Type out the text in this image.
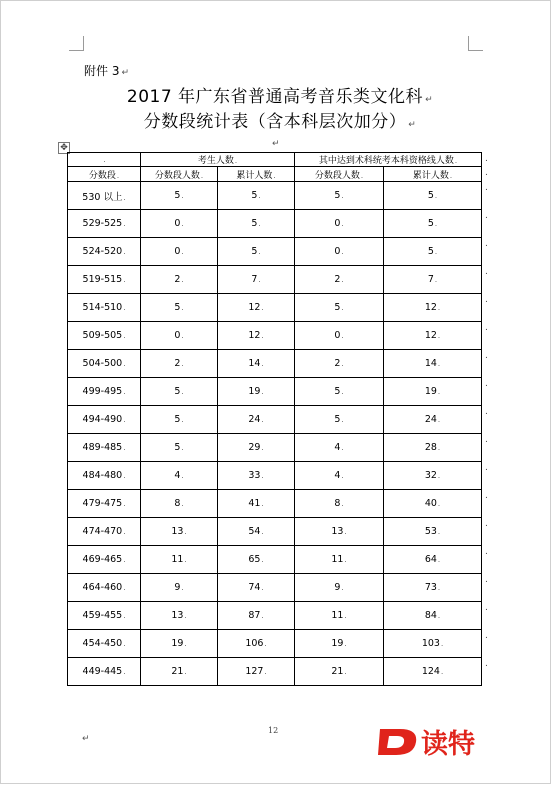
附件 3 ↵
2017 年广东省普通高考音乐类文化科 ↵
分数段统计表（含本科层次加分） ↵
↵
✥
.	考生人数.		其中达到术科统考本科资格线人数.	
分数段.	分数段人数.	累计人数.	分数段人数.	累计人数.
530 以上.	5.	5.	5.	5.
529-525.	0.	5.	0.	5.
524-520.	0.	5.	0.	5.
519-515.	2.	7.	2.	7.
514-510.	5.	12.	5.	12.
509-505.	0.	12.	0.	12.
504-500.	2.	14.	2.	14.
499-495.	5.	19.	5.	19.
494-490.	5.	24.	5.	24.
489-485.	5.	29.	4.	28.
484-480.	4.	33.	4.	32.
479-475.	8.	41.	8.	40.
474-470.	13.	54.	13.	53.
469-465.	11.	65.	11.	64.
464-460.	9.	74.	9.	73.
459-455.	13.	87.	11.	84.
454-450.	19.	106.	19.	103.
449-445.	21.	127.	21.	124.
.
.
.
.
.
.
.
.
.
.
.
.
.
.
.
.
.
.
.
.
12
↵	读特
